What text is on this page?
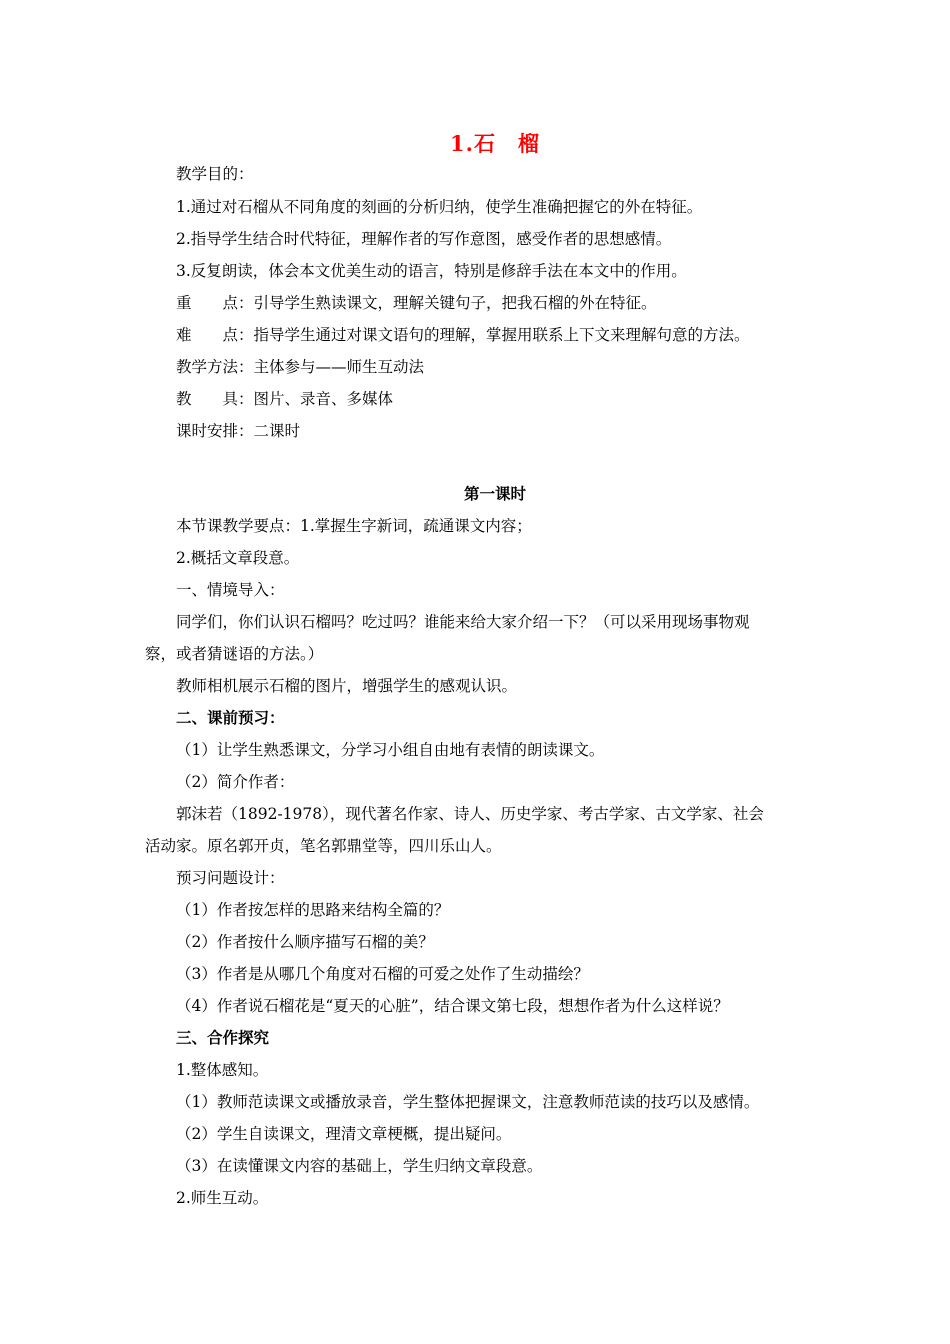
1.石　榴
教学目的：
1.通过对石榴从不同角度的刻画的分析归纳，使学生准确把握它的外在特征。
2.指导学生结合时代特征，理解作者的写作意图，感受作者的思想感情。
3.反复朗读，体会本文优美生动的语言，特别是修辞手法在本文中的作用。
重　　点：引导学生熟读课文，理解关键句子，把我石榴的外在特征。
难　　点：指导学生通过对课文语句的理解，掌握用联系上下文来理解句意的方法。
教学方法：主体参与——师生互动法
教　　具：图片、录音、多媒体
课时安排：二课时
第一课时
本节课教学要点：1.掌握生字新词，疏通课文内容；
2.概括文章段意。
一、情境导入：
同学们，你们认识石榴吗？吃过吗？谁能来给大家介绍一下？（可以采用现场事物观
察，或者猜谜语的方法。）
教师相机展示石榴的图片，增强学生的感观认识。
二、课前预习：
（1）让学生熟悉课文，分学习小组自由地有表情的朗读课文。
（2）简介作者：
郭沫若（1892-1978），现代著名作家、诗人、历史学家、考古学家、古文学家、社会
活动家。原名郭开贞，笔名郭鼎堂等，四川乐山人。
预习问题设计：
（1）作者按怎样的思路来结构全篇的？
（2）作者按什么顺序描写石榴的美？
（3）作者是从哪几个角度对石榴的可爱之处作了生动描绘？
（4）作者说石榴花是“夏天的心脏”，结合课文第七段，想想作者为什么这样说？
三、合作探究
1.整体感知。
（1）教师范读课文或播放录音，学生整体把握课文，注意教师范读的技巧以及感情。
（2）学生自读课文，理清文章梗概，提出疑问。
（3）在读懂课文内容的基础上，学生归纳文章段意。
2.师生互动。
